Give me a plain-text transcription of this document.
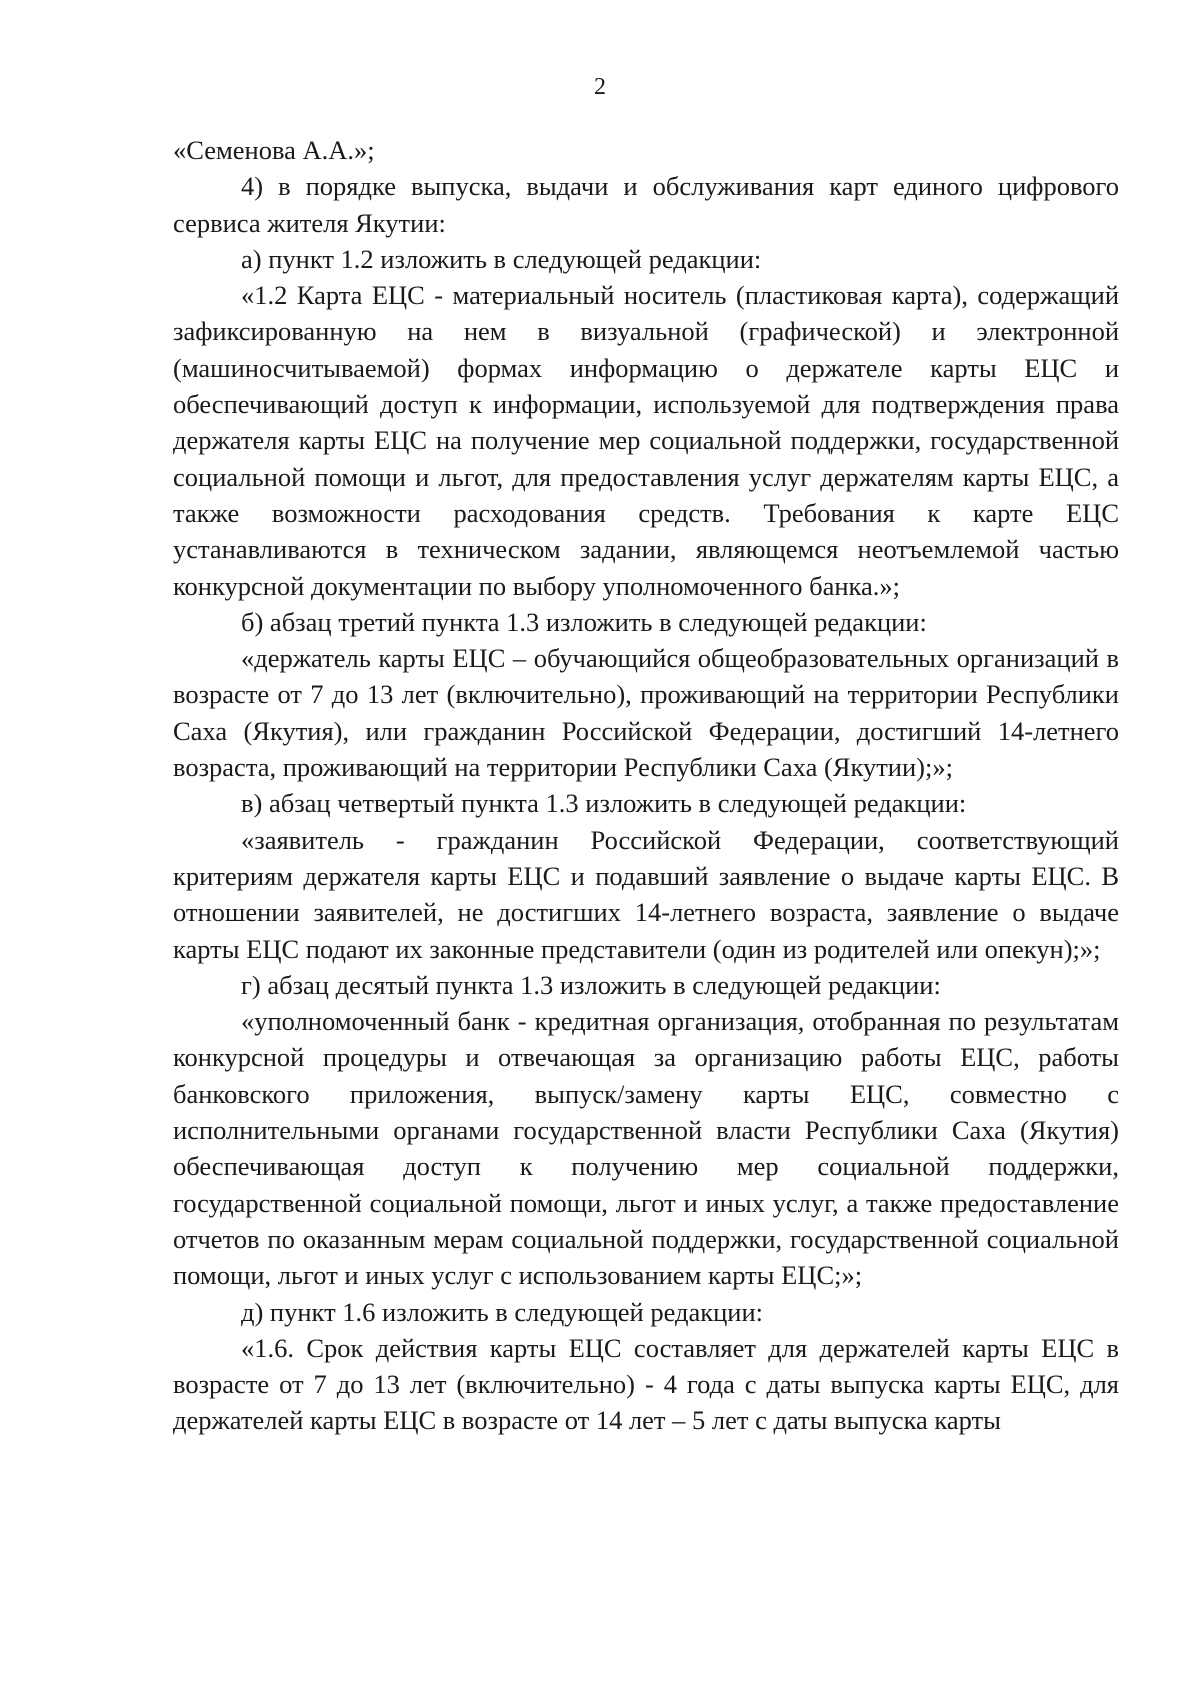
2

«Семенова А.А.»;

4) в порядке выпуска, выдачи и обслуживания карт единого цифрового сервиса жителя Якутии:

а) пункт 1.2 изложить в следующей редакции:

«1.2 Карта ЕЦС - материальный носитель (пластиковая карта), содержащий зафиксированную на нем в визуальной (графической) и электронной (машиносчитываемой) формах информацию о держателе карты ЕЦС и обеспечивающий доступ к информации, используемой для подтверждения права держателя карты ЕЦС на получение мер социальной поддержки, государственной социальной помощи и льгот, для предоставления услуг держателям карты ЕЦС, а также возможности расходования средств. Требования к карте ЕЦС устанавливаются в техническом задании, являющемся неотъемлемой частью конкурсной документации по выбору уполномоченного банка.»;

б) абзац третий пункта 1.3 изложить в следующей редакции:

«держатель карты ЕЦС – обучающийся общеобразовательных организаций в возрасте от 7 до 13 лет (включительно), проживающий на территории Республики Саха (Якутия), или гражданин Российской Федерации, достигший 14-летнего возраста, проживающий на территории Республики Саха (Якутии);»;

в) абзац четвертый пункта 1.3 изложить в следующей редакции:

«заявитель - гражданин Российской Федерации, соответствующий критериям держателя карты ЕЦС и подавший заявление о выдаче карты ЕЦС. В отношении заявителей, не достигших 14-летнего возраста, заявление о выдаче карты ЕЦС подают их законные представители (один из родителей или опекун);»;

г) абзац десятый пункта 1.3 изложить в следующей редакции:

«уполномоченный банк - кредитная организация, отобранная по результатам конкурсной процедуры и отвечающая за организацию работы ЕЦС, работы банковского приложения, выпуск/замену карты ЕЦС, совместно с исполнительными органами государственной власти Республики Саха (Якутия) обеспечивающая доступ к получению мер социальной поддержки, государственной социальной помощи, льгот и иных услуг, а также предоставление отчетов по оказанным мерам социальной поддержки, государственной социальной помощи, льгот и иных услуг с использованием карты ЕЦС;»;

д) пункт 1.6 изложить в следующей редакции:

«1.6. Срок действия карты ЕЦС составляет для держателей карты ЕЦС в возрасте от 7 до 13 лет (включительно) - 4 года с даты выпуска карты ЕЦС, для держателей карты ЕЦС в возрасте от 14 лет – 5 лет с даты выпуска карты
